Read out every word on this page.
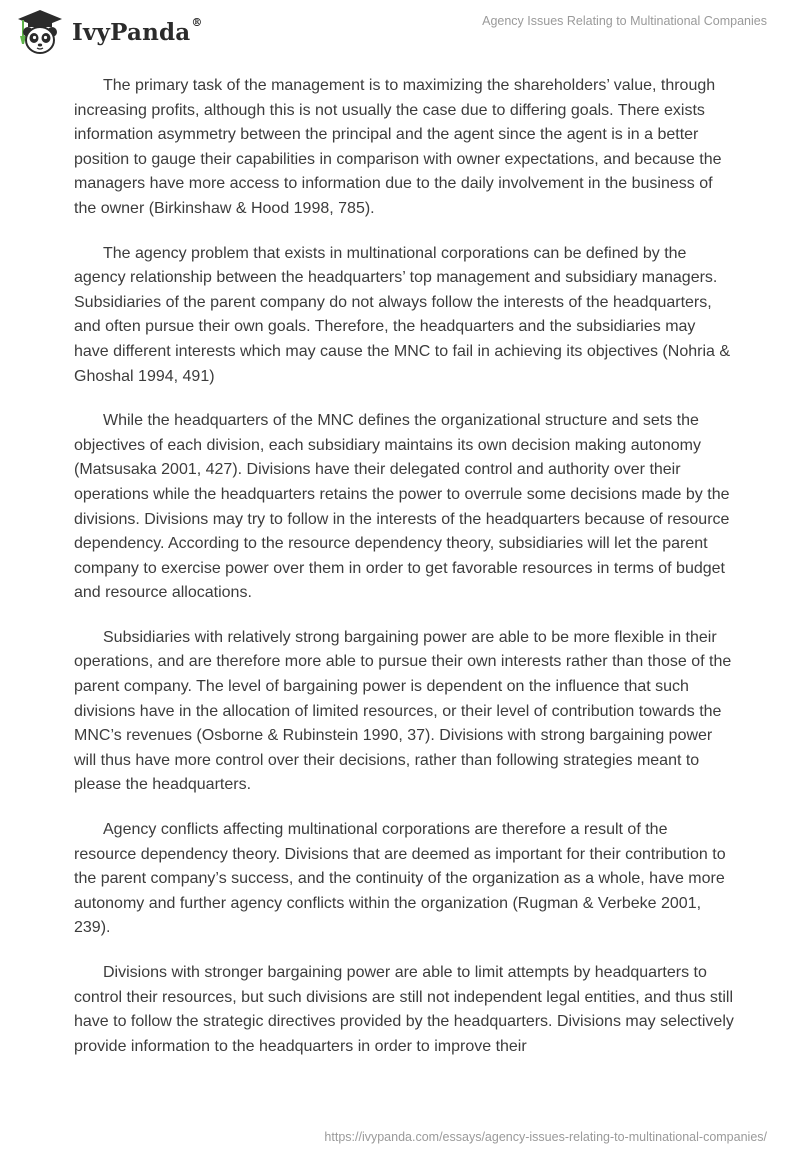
IvyPanda®	Agency Issues Relating to Multinational Companies

The primary task of the management is to maximizing the shareholders’ value, through increasing profits, although this is not usually the case due to differing goals. There exists information asymmetry between the principal and the agent since the agent is in a better position to gauge their capabilities in comparison with owner expectations, and because the managers have more access to information due to the daily involvement in the business of the owner (Birkinshaw & Hood 1998, 785).

The agency problem that exists in multinational corporations can be defined by the agency relationship between the headquarters’ top management and subsidiary managers. Subsidiaries of the parent company do not always follow the interests of the headquarters, and often pursue their own goals. Therefore, the headquarters and the subsidiaries may have different interests which may cause the MNC to fail in achieving its objectives (Nohria & Ghoshal 1994, 491)

While the headquarters of the MNC defines the organizational structure and sets the objectives of each division, each subsidiary maintains its own decision making autonomy (Matsusaka 2001, 427). Divisions have their delegated control and authority over their operations while the headquarters retains the power to overrule some decisions made by the divisions. Divisions may try to follow in the interests of the headquarters because of resource dependency. According to the resource dependency theory, subsidiaries will let the parent company to exercise power over them in order to get favorable resources in terms of budget and resource allocations.

Subsidiaries with relatively strong bargaining power are able to be more flexible in their operations, and are therefore more able to pursue their own interests rather than those of the parent company. The level of bargaining power is dependent on the influence that such divisions have in the allocation of limited resources, or their level of contribution towards the MNC’s revenues (Osborne & Rubinstein 1990, 37). Divisions with strong bargaining power will thus have more control over their decisions, rather than following strategies meant to please the headquarters.

Agency conflicts affecting multinational corporations are therefore a result of the resource dependency theory. Divisions that are deemed as important for their contribution to the parent company’s success, and the continuity of the organization as a whole, have more autonomy and further agency conflicts within the organization (Rugman & Verbeke 2001, 239).

Divisions with stronger bargaining power are able to limit attempts by headquarters to control their resources, but such divisions are still not independent legal entities, and thus still have to follow the strategic directives provided by the headquarters. Divisions may selectively provide information to the headquarters in order to improve their

https://ivypanda.com/essays/agency-issues-relating-to-multinational-companies/
